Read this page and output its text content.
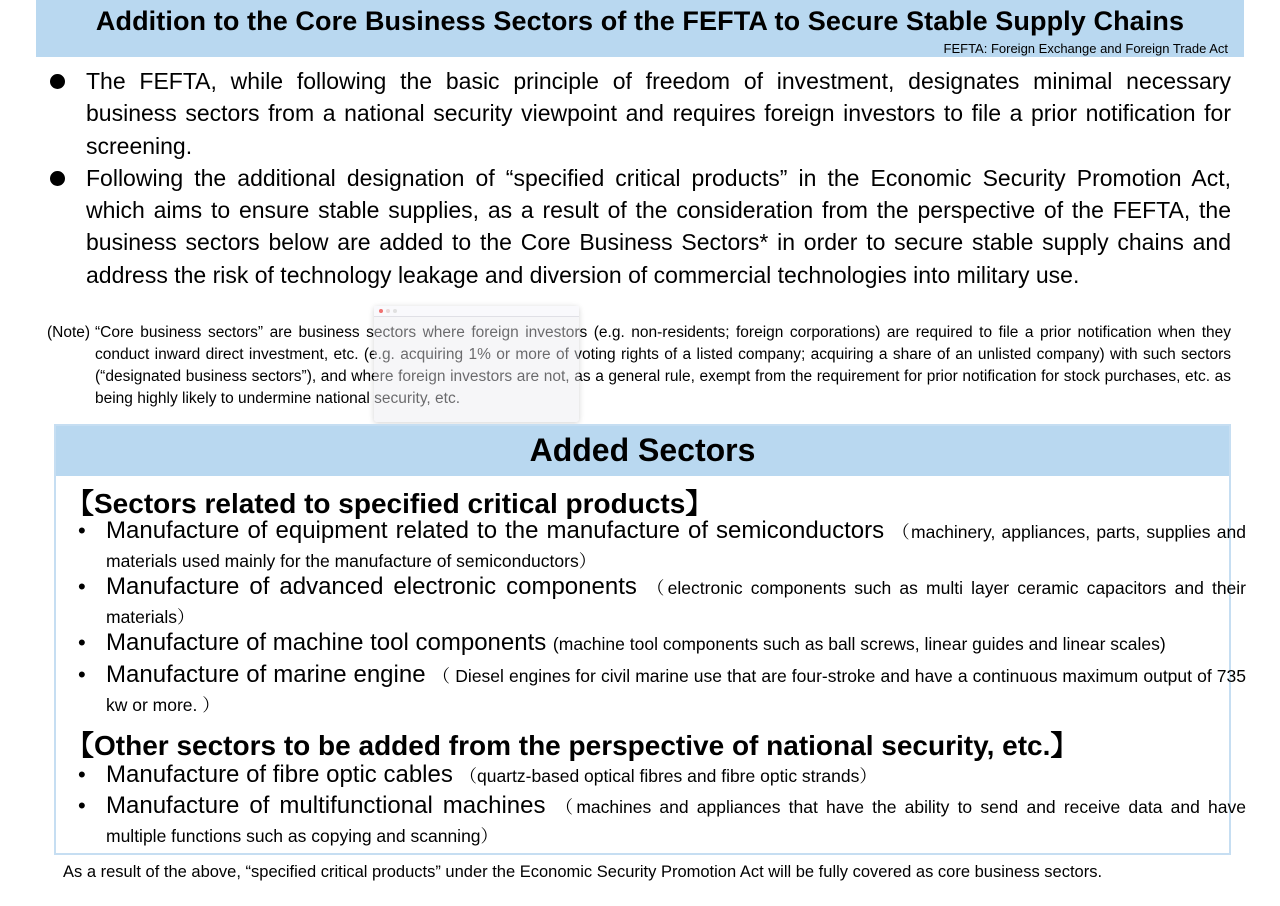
Addition to the Core Business Sectors of the FEFTA to Secure Stable Supply Chains
FEFTA: Foreign Exchange and Foreign Trade Act
The FEFTA, while following the basic principle of freedom of investment, designates minimal necessary business sectors from a national security viewpoint and requires foreign investors to file a prior notification for screening.
Following the additional designation of “specified critical products” in the Economic Security Promotion Act, which aims to ensure stable supplies, as a result of the consideration from the perspective of the FEFTA, the business sectors below are added to the Core Business Sectors* in order to secure stable supply chains and address the risk of technology leakage and diversion of commercial technologies into military use.
(Note) “Core business sectors” are business sectors where foreign investors (e.g. non-residents; foreign corporations) are required to file a prior notification when they conduct inward direct investment, etc. (e.g. acquiring 1% or more of voting rights of a listed company; acquiring a share of an unlisted company) with such sectors (“designated business sectors”), and where foreign investors are not, as a general rule, exempt from the requirement for prior notification for stock purchases, etc. as being highly likely to undermine national security, etc.
Added Sectors
【Sectors related to specified critical products】
• Manufacture of equipment related to the manufacture of semiconductors （machinery, appliances, parts, supplies and materials used mainly for the manufacture of semiconductors）
• Manufacture of advanced electronic components （electronic components such as multi layer ceramic capacitors and their materials）
• Manufacture of machine tool components (machine tool components such as ball screws, linear guides and linear scales)
• Manufacture of marine engine （ Diesel engines for civil marine use that are four-stroke and have a continuous maximum output of 735 kw or more. ）
【Other sectors to be added from the perspective of national security, etc.】
• Manufacture of fibre optic cables （quartz-based optical fibres and fibre optic strands）
• Manufacture of multifunctional machines （machines and appliances that have the ability to send and receive data and have multiple functions such as copying and scanning）
As a result of the above, “specified critical products” under the Economic Security Promotion Act will be fully covered as core business sectors.
